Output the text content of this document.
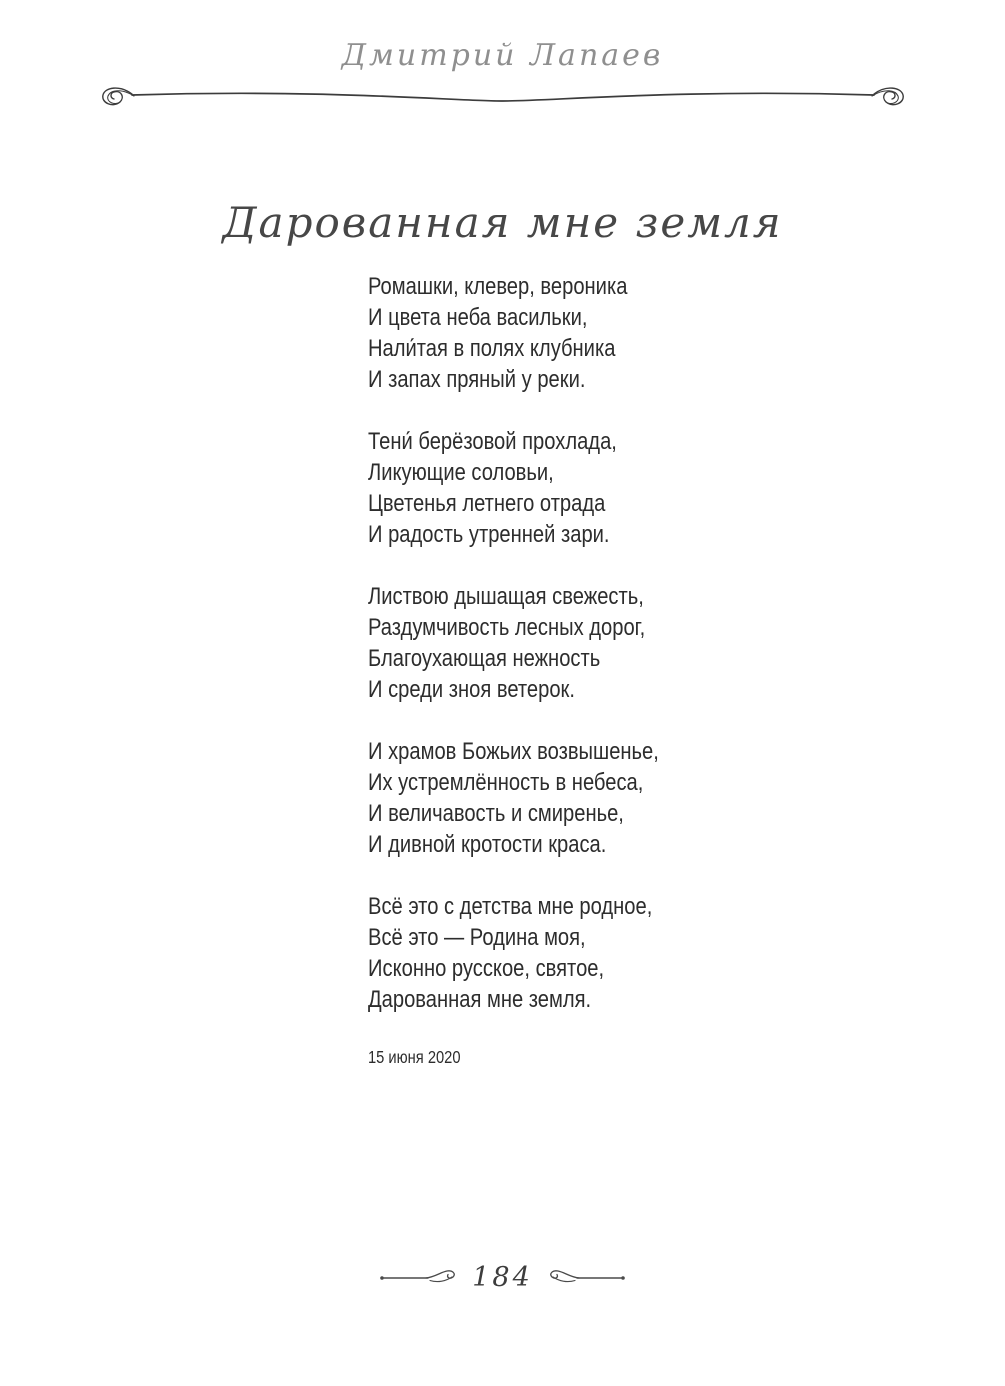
Дмитрий Лапаев
Дарованная мне земля
Ромашки, клевер, вероника
И цвета неба васильки,
Нали́тая в полях клубника
И запах пряный у реки.
Тени́ берёзовой прохлада,
Ликующие соловьи,
Цветенья летнего отрада
И радость утренней зари.
Листвою дышащая свежесть,
Раздумчивость лесных дорог,
Благоухающая нежность
И среди зноя ветерок.
И храмов Божьих возвышенье,
Их устремлённость в небеса,
И величавость и смиренье,
И дивной кротости краса.
Всё это с детства мне родное,
Всё это — Родина моя,
Исконно русское, святое,
Дарованная мне земля.
15 июня 2020
184
